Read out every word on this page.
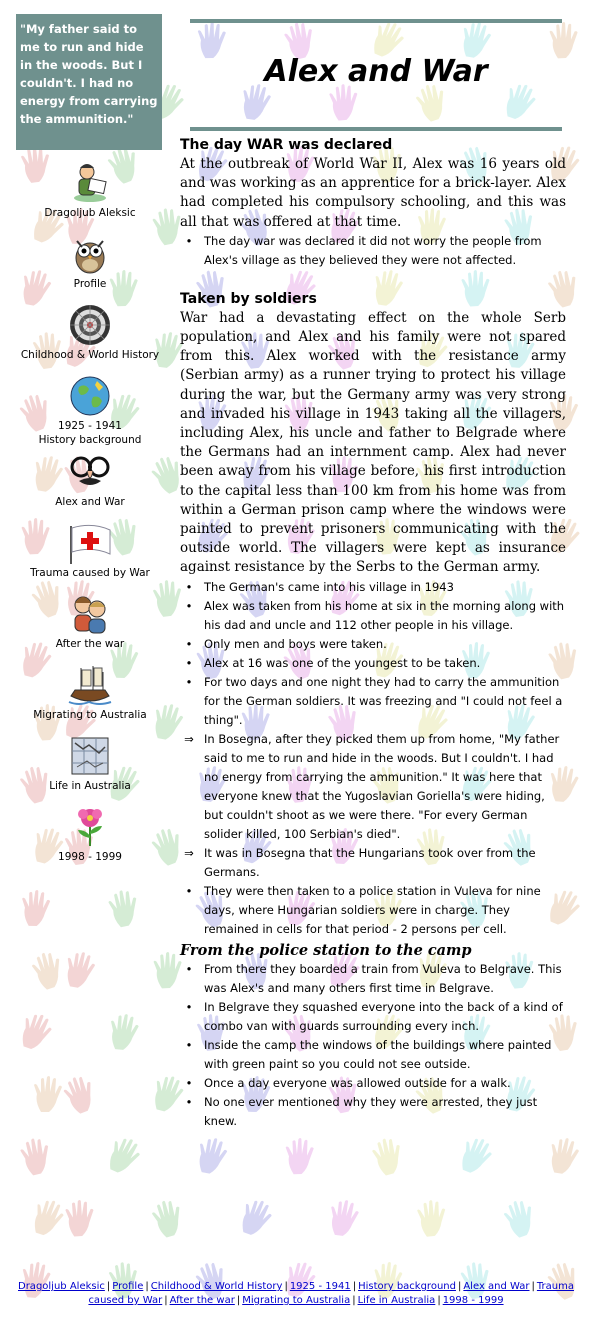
"My father said to me to run and hide in the woods. But I couldn't. I had no energy from carrying the ammunition."
Dragoljub Aleksic
Profile
Childhood & World History
1925 - 1941
History background
Alex and War
Trauma caused by War
After the war
Migrating to Australia
Life in Australia
1998 - 1999
Alex and War
The day WAR was declared

At the outbreak of World War II, Alex was 16 years old and was working as an apprentice for a brick-layer. Alex had completed his compulsory schooling, and this was all that was offered at that time.

•	The day war was declared it did not worry the people from Alex's village as they believed they were not affected.
Taken by soldiers

War had a devastating effect on the whole Serb population, and Alex and his family were not spared from this. Alex worked with the resistance army (Serbian army) as a runner trying to protect his village during the war, but the Germany army was very strong and invaded his village in 1943 taking all the villagers, including Alex, his uncle and father to Belgrade where the Germans had an internment camp. Alex had never been away from his village before, his first introduction to the capital less than 100 km from his home was from within a German prison camp where the windows were painted to prevent prisoners communicating with the outside world. The villagers were kept as insurance against resistance by the Serbs to the German army.

•	The German's came into his village in 1943
•	Alex was taken from his home at six in the morning along with his dad and uncle and 112 other people in his village.
•	Only men and boys were taken.
•	Alex at 16 was one of the youngest to be taken.
•	For two days and one night they had to carry the ammunition for the German soldiers. It was freezing and "I could not feel a thing".
⇒ In Bosegna, after they picked them up from home, "My father said to me to run and hide in the woods. But I couldn't. I had no energy from carrying the ammunition." It was here that everyone knew that the Yugoslavian Goriella's were hiding, but couldn't shoot as we were there. "For every German solider killed, 100 Serbian's died".
⇒ It was in Bosegna that the Hungarians took over from the Germans.
•	They were then taken to a police station in Vuleva for nine days, where Hungarian soldiers were in charge. They remained in cells for that period - 2 persons per cell.
From the police station to the camp
•	From there they boarded a train from Vuleva to Belgrave. This was Alex's and many others first time in Belgrave.
•	In Belgrave they squashed everyone into the back of a kind of combo van with guards surrounding every inch.
•	Inside the camp the windows of the buildings where painted with green paint so you could not see outside.
•	Once a day everyone was allowed outside for a walk.
•	No one ever mentioned why they were arrested, they just knew.
Dragoljub Aleksic | Profile | Childhood & World History | 1925 - 1941 | History background | Alex and War | Trauma caused by War | After the war | Migrating to Australia | Life in Australia | 1998 - 1999
